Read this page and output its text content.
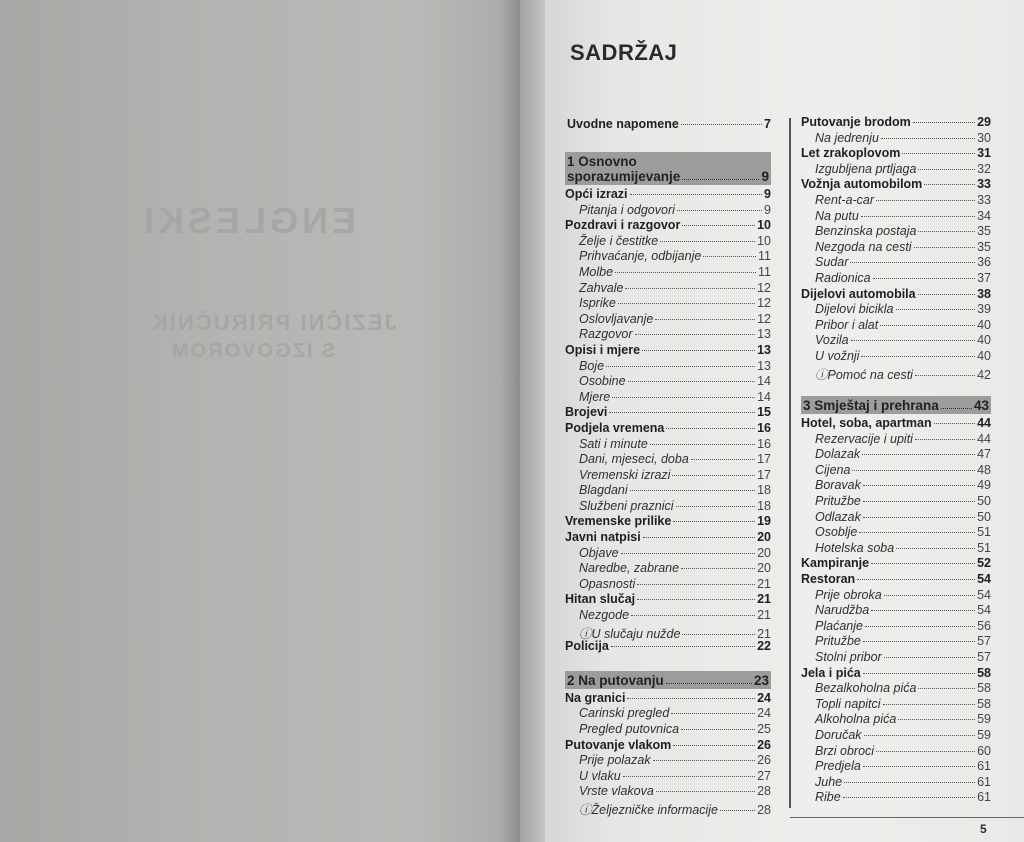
ENGLESKI
JEZIČNI PRIRUČNIK
S IZGOVOROM
SADRŽAJ
Uvodne napomene	7
1 Osnovno
sporazumijevanje	9
Opći izrazi	9
Pitanja i odgovori	9
Pozdravi i razgovor	10
Želje i čestitke	10
Prihvaćanje, odbijanje	11
Molbe	11
Zahvale	12
Isprike	12
Oslovljavanje	12
Razgovor	13
Opisi i mjere	13
Boje	13
Osobine	14
Mjere	14
Brojevi	15
Podjela vremena	16
Sati i minute	16
Dani, mjeseci, doba	17
Vremenski izrazi	17
Blagdani	18
Službeni praznici	18
Vremenske prilike	19
Javni natpisi	20
Objave	20
Naredbe, zabrane	20
Opasnosti	21
Hitan slučaj	21
Nezgode	21
ⓘU slučaju nužde	21
Policija	22
2 Na putovanju	23
Na granici	24
Carinski pregled	24
Pregled putovnica	25
Putovanje vlakom	26
Prije polazak	26
U vlaku	27
Vrste vlakova	28
ⓘŽeljezničke informacije	28
Putovanje brodom	29
Na jedrenju	30
Let zrakoplovom	31
Izgubljena prtljaga	32
Vožnja automobilom	33
Rent-a-car	33
Na putu	34
Benzinska postaja	35
Nezgoda na cesti	35
Sudar	36
Radionica	37
Dijelovi automobila	38
Dijelovi bicikla	39
Pribor i alat	40
Vozila	40
U vožnji	40
ⓘPomoć na cesti	42
3 Smještaj i prehrana	43
Hotel, soba, apartman	44
Rezervacije i upiti	44
Dolazak	47
Cijena	48
Boravak	49
Pritužbe	50
Odlazak	50
Osoblje	51
Hotelska soba	51
Kampiranje	52
Restoran	54
Prije obroka	54
Narudžba	54
Plaćanje	56
Pritužbe	57
Stolni pribor	57
Jela i pića	58
Bezalkoholna pića	58
Topli napitci	58
Alkoholna pića	59
Doručak	59
Brzi obroci	60
Predjela	61
Juhe	61
Ribe	61
5
